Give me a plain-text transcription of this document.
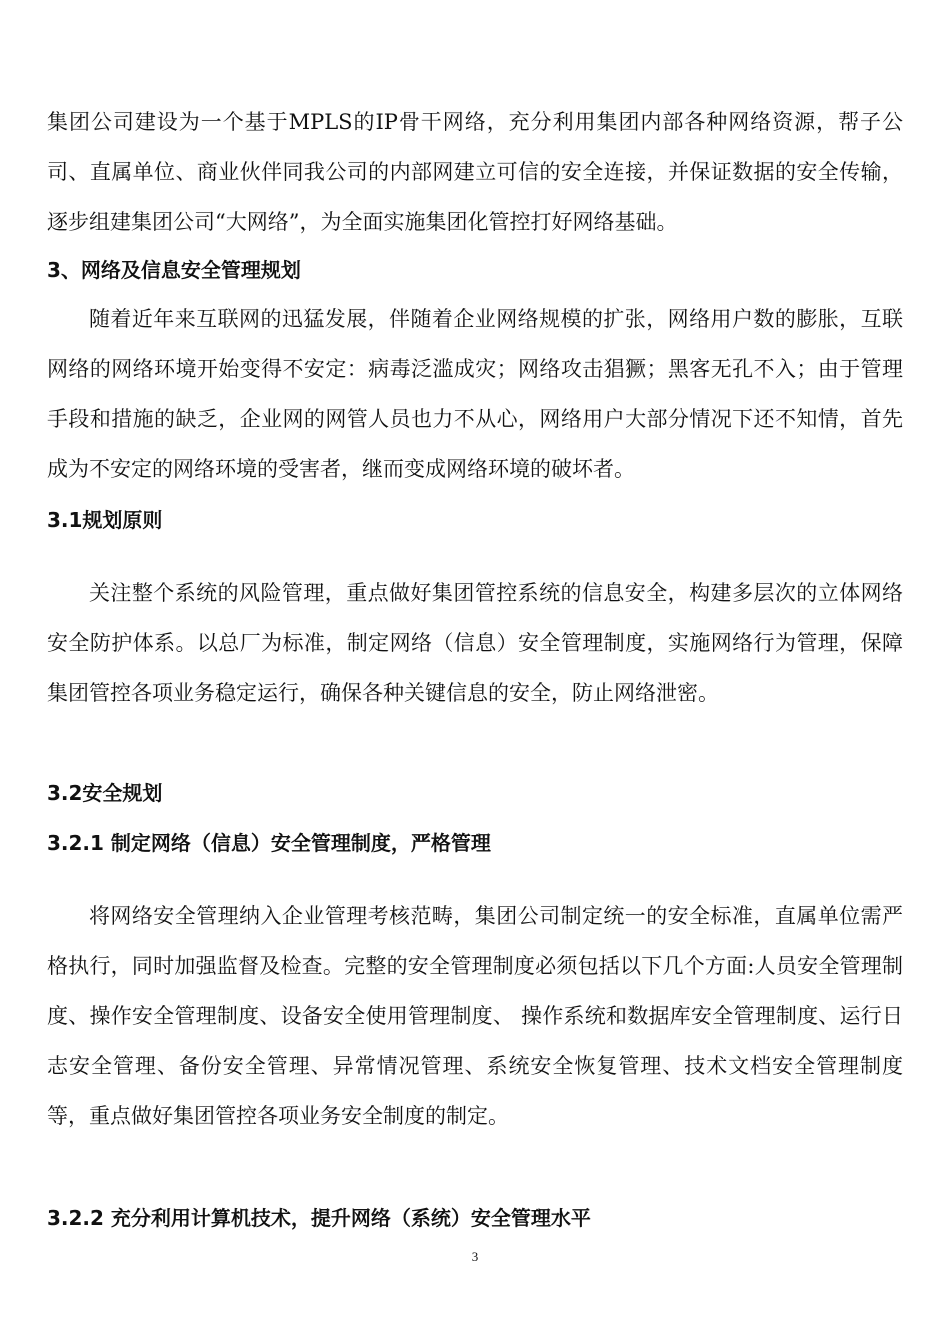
集团公司建设为一个基于MPLS的IP骨干网络，充分利用集团内部各种网络资源，帮子公司、直属单位、商业伙伴同我公司的内部网建立可信的安全连接，并保证数据的安全传输，逐步组建集团公司“大网络”，为全面实施集团化管控打好网络基础。

3、网络及信息安全管理规划

随着近年来互联网的迅猛发展，伴随着企业网络规模的扩张，网络用户数的膨胀，互联网络的网络环境开始变得不安定：病毒泛滥成灾；网络攻击猖獗；黑客无孔不入；由于管理手段和措施的缺乏，企业网的网管人员也力不从心，网络用户大部分情况下还不知情，首先成为不安定的网络环境的受害者，继而变成网络环境的破坏者。

3.1规划原则

关注整个系统的风险管理，重点做好集团管控系统的信息安全，构建多层次的立体网络安全防护体系。以总厂为标准，制定网络（信息）安全管理制度，实施网络行为管理，保障集团管控各项业务稳定运行，确保各种关键信息的安全，防止网络泄密。

3.2安全规划
3.2.1 制定网络（信息）安全管理制度，严格管理

将网络安全管理纳入企业管理考核范畴，集团公司制定统一的安全标准，直属单位需严格执行，同时加强监督及检查。完整的安全管理制度必须包括以下几个方面:人员安全管理制度、操作安全管理制度、设备安全使用管理制度、 操作系统和数据库安全管理制度、运行日志安全管理、备份安全管理、异常情况管理、系统安全恢复管理、技术文档安全管理制度等，重点做好集团管控各项业务安全制度的制定。

3.2.2 充分利用计算机技术，提升网络（系统）安全管理水平
3
